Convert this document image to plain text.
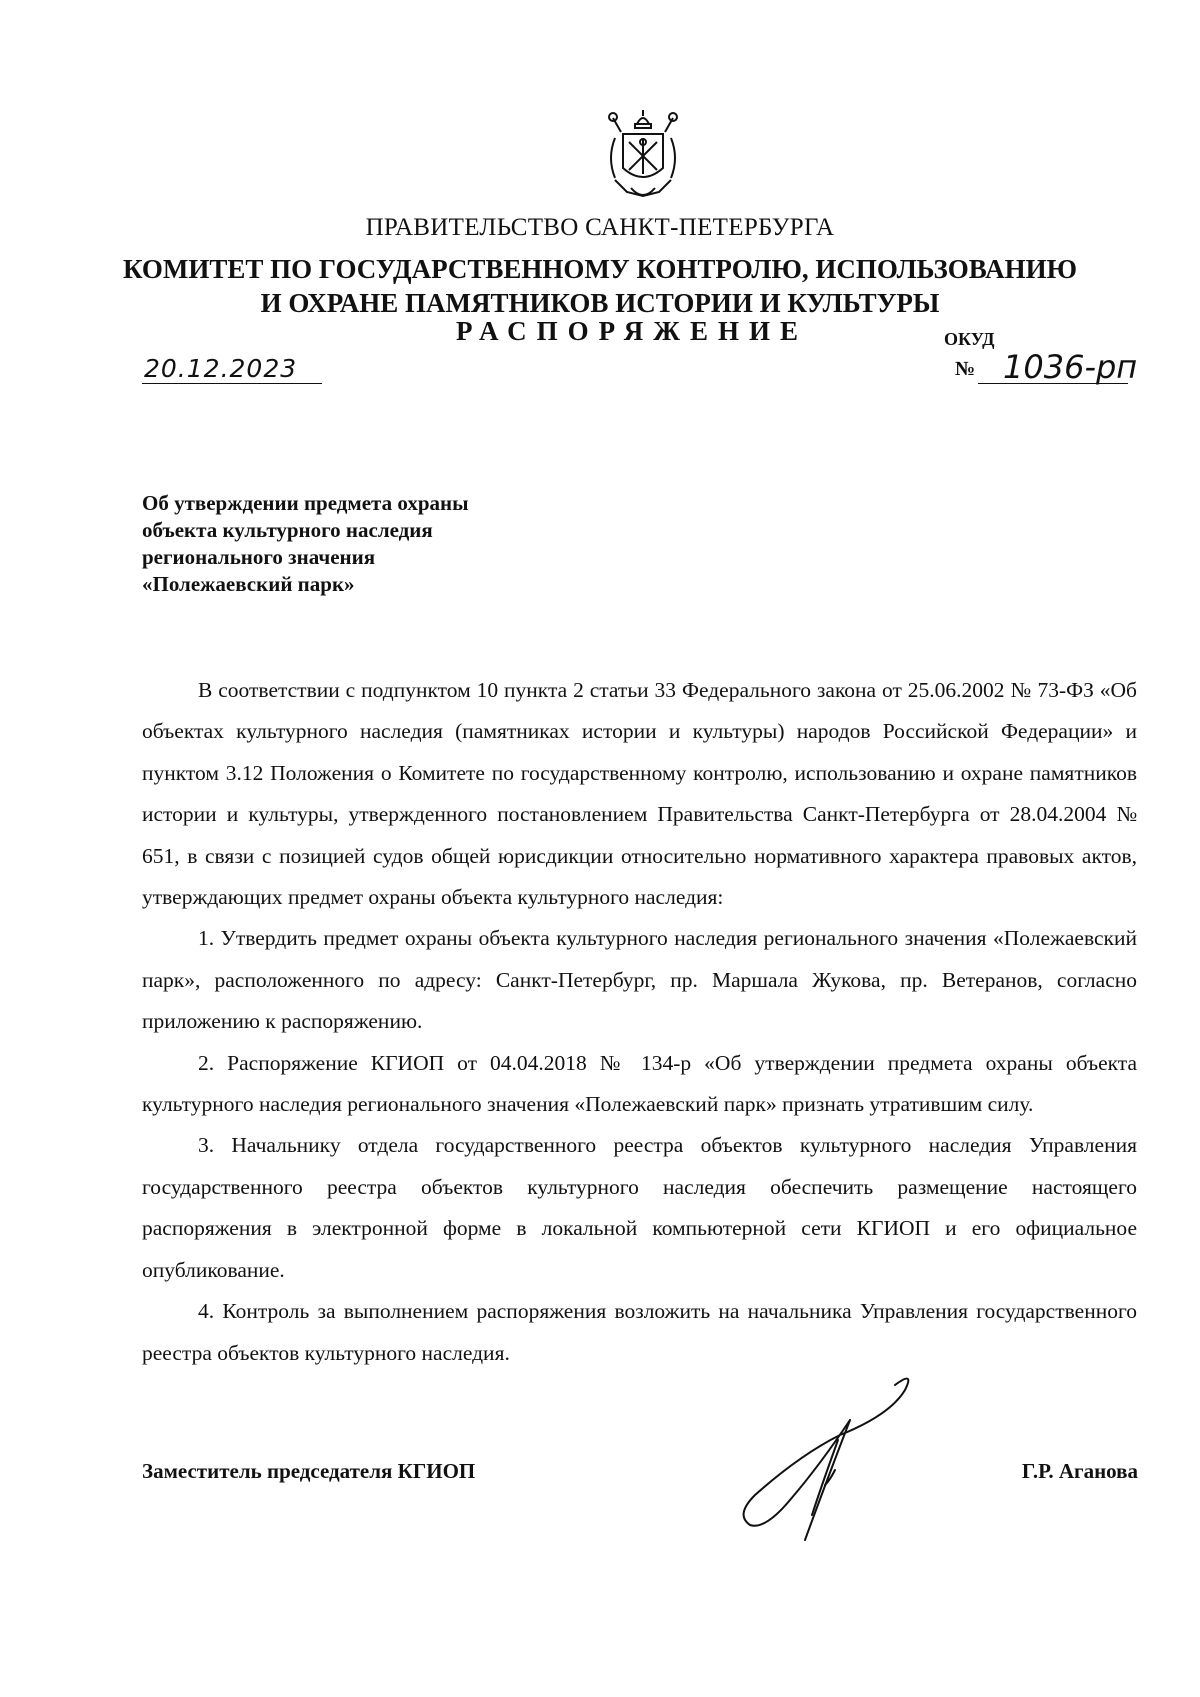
ПРАВИТЕЛЬСТВО САНКТ-ПЕТЕРБУРГА
КОМИТЕТ ПО ГОСУДАРСТВЕННОМУ КОНТРОЛЮ, ИСПОЛЬЗОВАНИЮ
И ОХРАНЕ ПАМЯТНИКОВ ИСТОРИИ И КУЛЬТУРЫ
РАСПОРЯЖЕНИЕ	ОКУД
20.12.2023	№ 1036-рп
Об утверждении предмета охраны
объекта культурного наследия
регионального значения
«Полежаевский парк»

В соответствии с подпунктом 10 пункта 2 статьи 33 Федерального закона от 25.06.2002 № 73-ФЗ «Об объектах культурного наследия (памятниках истории и культуры) народов Российской Федерации» и пунктом 3.12 Положения о Комитете по государственному контролю, использованию и охране памятников истории и культуры, утвержденного постановлением Правительства Санкт-Петербурга от 28.04.2004 № 651, в связи с позицией судов общей юрисдикции относительно нормативного характера правовых актов, утверждающих предмет охраны объекта культурного наследия:

1. Утвердить предмет охраны объекта культурного наследия регионального значения «Полежаевский парк», расположенного по адресу: Санкт-Петербург, пр. Маршала Жукова, пр. Ветеранов, согласно приложению к распоряжению.

2. Распоряжение КГИОП от 04.04.2018 № 134-р «Об утверждении предмета охраны объекта культурного наследия регионального значения «Полежаевский парк» признать утратившим силу.

3. Начальнику отдела государственного реестра объектов культурного наследия Управления государственного реестра объектов культурного наследия обеспечить размещение настоящего распоряжения в электронной форме в локальной компьютерной сети КГИОП и его официальное опубликование.

4. Контроль за выполнением распоряжения возложить на начальника Управления государственного реестра объектов культурного наследия.

Заместитель председателя КГИОП	Г.Р. Аганова
